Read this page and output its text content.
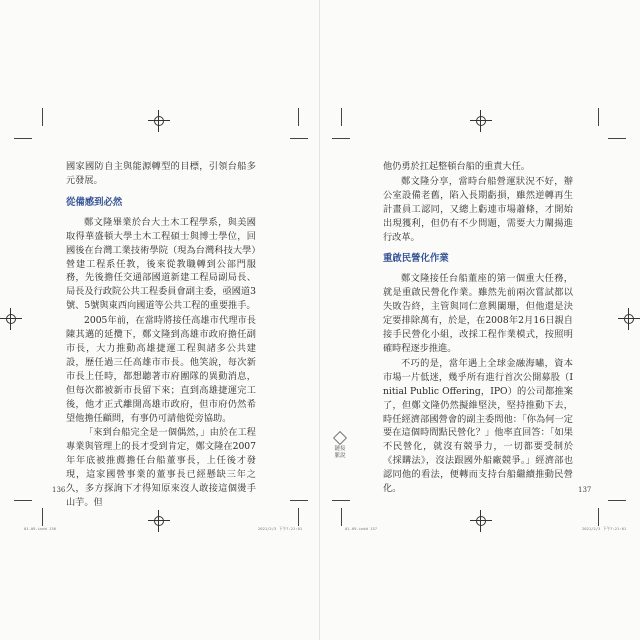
國家國防自主與能源轉型的目標，引領台船多元發展。

從備感到必然

鄭文隆畢業於台大土木工程學系，與美國取得華盛頓大學土木工程碩士與博士學位，回國後在台灣工業技術學院（現為台灣科技大學）營建工程系任教，後來從教職轉到公部門服務，先後擔任交通部國道新建工程局副局長、局長及行政院公共工程委員會副主委，亟國道3號、5號與東西向國道等公共工程的重要推手。

2005年前，在當時將接任高雄市代理市長陳其邁的延攬下，鄭文隆到高雄市政府擔任副市長，大力推動高雄捷運工程與諸多公共建設，歷任過三任高雄市市長。他笑說，每次新市長上任時，都想聽著市府團隊的異動消息，但每次都被新市長留下來；直到高雄捷運完工後，他才正式離開高雄市政府，但市府仍然希望他擔任顧問，有事仍可請他從旁協助。

「來到台船完全是一個偶然，」由於在工程專業與管理上的長才受到肯定，鄭文隆在2007年年底被推薦擔任台船董事長，上任後才發現，這家國營事業的董事長已經懸缺三年之久，多方探詢下才得知原來沒人敢接這個燙手山芋。但

136
01-09.indd 136	2021/2/3 下午7:21:01

他仍勇於扛起整頓台船的重責大任。

鄭文隆分享，當時台船營運狀況不好，辦公室設備老舊，陷入長期虧損，雖然逆轉再生計畫員工認同，又總上虧連市場蕭條，才開始出現獲利，但仍有不少問題，需要大力闡揚進行改革。

重啟民營化作業

鄭文隆接任台船董座的第一個重大任務，就是重啟民營化作業。雖然先前兩次嘗試都以失敗告終，主管與同仁意興闌珊，但他還是決定要排除萬有，於是，在2008年2月16日親自接手民營化小組，改採工程作業模式，按照明確時程逐步推進。

不巧的是，當年遇上全球金融海嘯，資本市場一片低迷，幾乎所有進行首次公開募股（Initial Public Offering，IPO）的公司都推案了，但鄭文隆仍然擬維堅決，堅持推動下去，時任經濟部國營會的副主委問他：「你為何一定要在這個時間點民營化？」他率直回答：「如果不民營化，就沒有競爭力，一切都要受制於《採購法》，沒法跟國外船廠競爭。」經濟部也認同他的看法，便轉而支持台船繼續推動民營化。

鏈接脈說
137
01-09.indd 137	2021/2/3 下午7:21:01
